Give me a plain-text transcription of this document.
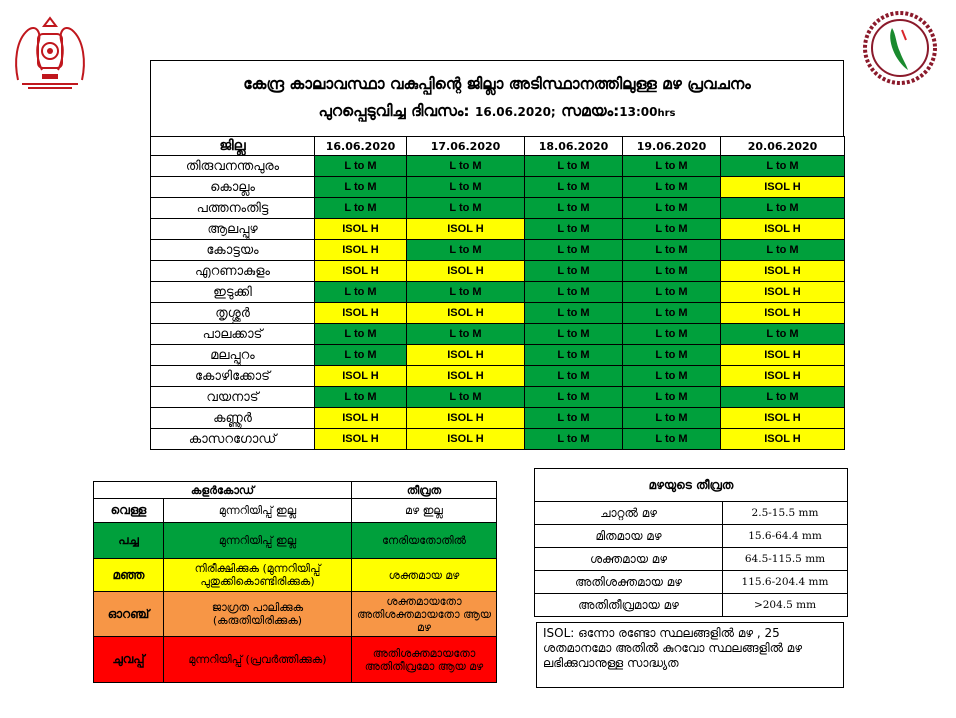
കേന്ദ്ര കാലാവസ്ഥാ വകുപ്പിന്റെ ജില്ലാ അടിസ്ഥാനത്തിലുള്ള മഴ പ്രവചനം
പുറപ്പെടുവിച്ച ദിവസം: 16.06.2020; സമയം:13:00hrs
ജില്ല	16.06.2020	17.06.2020	18.06.2020	19.06.2020	20.06.2020
തിരുവനന്തപുരം	L to M	L to M	L to M	L to M	L to M
കൊല്ലം	L to M	L to M	L to M	L to M	ISOL H
പത്തനംതിട്ട	L to M	L to M	L to M	L to M	L to M
ആലപ്പുഴ	ISOL H	ISOL H	L to M	L to M	ISOL H
കോട്ടയം	ISOL H	L to M	L to M	L to M	L to M
എറണാകുളം	ISOL H	ISOL H	L to M	L to M	ISOL H
ഇടുക്കി	L to M	L to M	L to M	L to M	ISOL H
തൃശ്ശൂർ	ISOL H	ISOL H	L to M	L to M	ISOL H
പാലക്കാട്	L to M	L to M	L to M	L to M	L to M
മലപ്പുറം	L to M	ISOL H	L to M	L to M	ISOL H
കോഴിക്കോട്	ISOL H	ISOL H	L to M	L to M	ISOL H
വയനാട്	L to M	L to M	L to M	L to M	L to M
കണ്ണൂർ	ISOL H	ISOL H	L to M	L to M	ISOL H
കാസറഗോഡ്	ISOL H	ISOL H	L to M	L to M	ISOL H
കളർകോഡ്		തീവ്രത
വെള്ള	മുന്നറിയിപ്പ് ഇല്ല	മഴ ഇല്ല
പച്ച	മുന്നറിയിപ്പ് ഇല്ല	നേരിയതോതിൽ
മഞ്ഞ	നിരീക്ഷിക്കുക (മുന്നറിയിപ്പ് പുതുക്കികൊണ്ടിരിക്കുക)	ശക്തമായ മഴ
ഓറഞ്ച്	ജാഗ്രത പാലിക്കുക (കരുതിയിരിക്കുക)	ശക്തമായതോ അതിശക്തമായതോ ആയ മഴ
ചുവപ്പ്	മുന്നറിയിപ്പ് (പ്രവർത്തിക്കുക)	അതിശക്തമായതോ അതിതീവ്രമോ ആയ മഴ
മഴയുടെ തീവ്രത	
ചാറ്റൽ മഴ	2.5-15.5 mm
മിതമായ മഴ	15.6-64.4 mm
ശക്തമായ മഴ	64.5-115.5 mm
അതിശക്തമായ മഴ	115.6-204.4 mm
അതിതീവ്രമായ മഴ	>204.5 mm
ISOL: ഒന്നോ രണ്ടോ സ്ഥലങ്ങളിൽ മഴ , 25 ശതമാനമോ അതിൽ കുറവോ സ്ഥലങ്ങളിൽ മഴ ലഭിക്കുവാനുള്ള സാദ്ധ്യത
